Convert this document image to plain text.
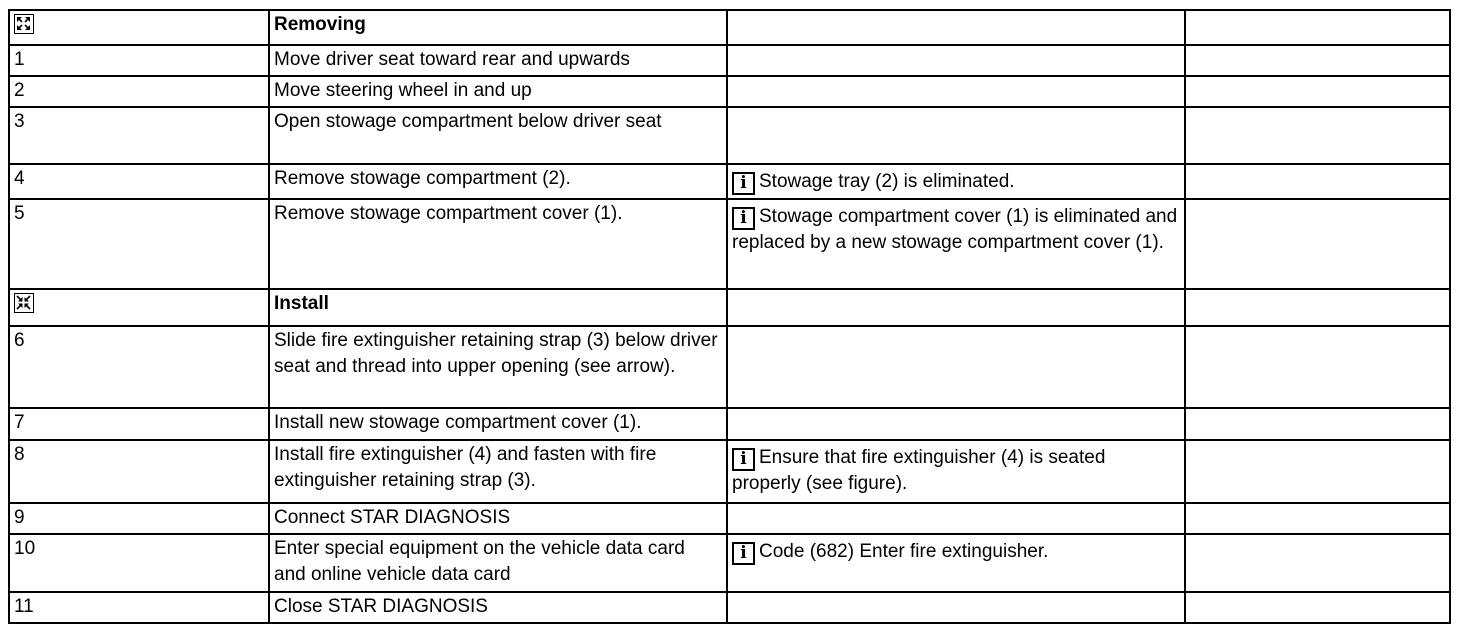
	Removing		
1	Move driver seat toward rear and upwards		
2	Move steering wheel in and up		
3	Open stowage compartment below driver seat		
4	Remove stowage compartment (2).	i Stowage tray (2) is eliminated.	
5	Remove stowage compartment cover (1).	i Stowage compartment cover (1) is eliminated and replaced by a new stowage compartment cover (1).	

	Install		
6	Slide fire extinguisher retaining strap (3) below driver seat and thread into upper opening (see arrow).		
7	Install new stowage compartment cover (1).		
8	Install fire extinguisher (4) and fasten with fire extinguisher retaining strap (3).	i Ensure that fire extinguisher (4) is seated properly (see figure).	
9	Connect STAR DIAGNOSIS		
10	Enter special equipment on the vehicle data card and online vehicle data card	i Code (682) Enter fire extinguisher.	
11	Close STAR DIAGNOSIS		
